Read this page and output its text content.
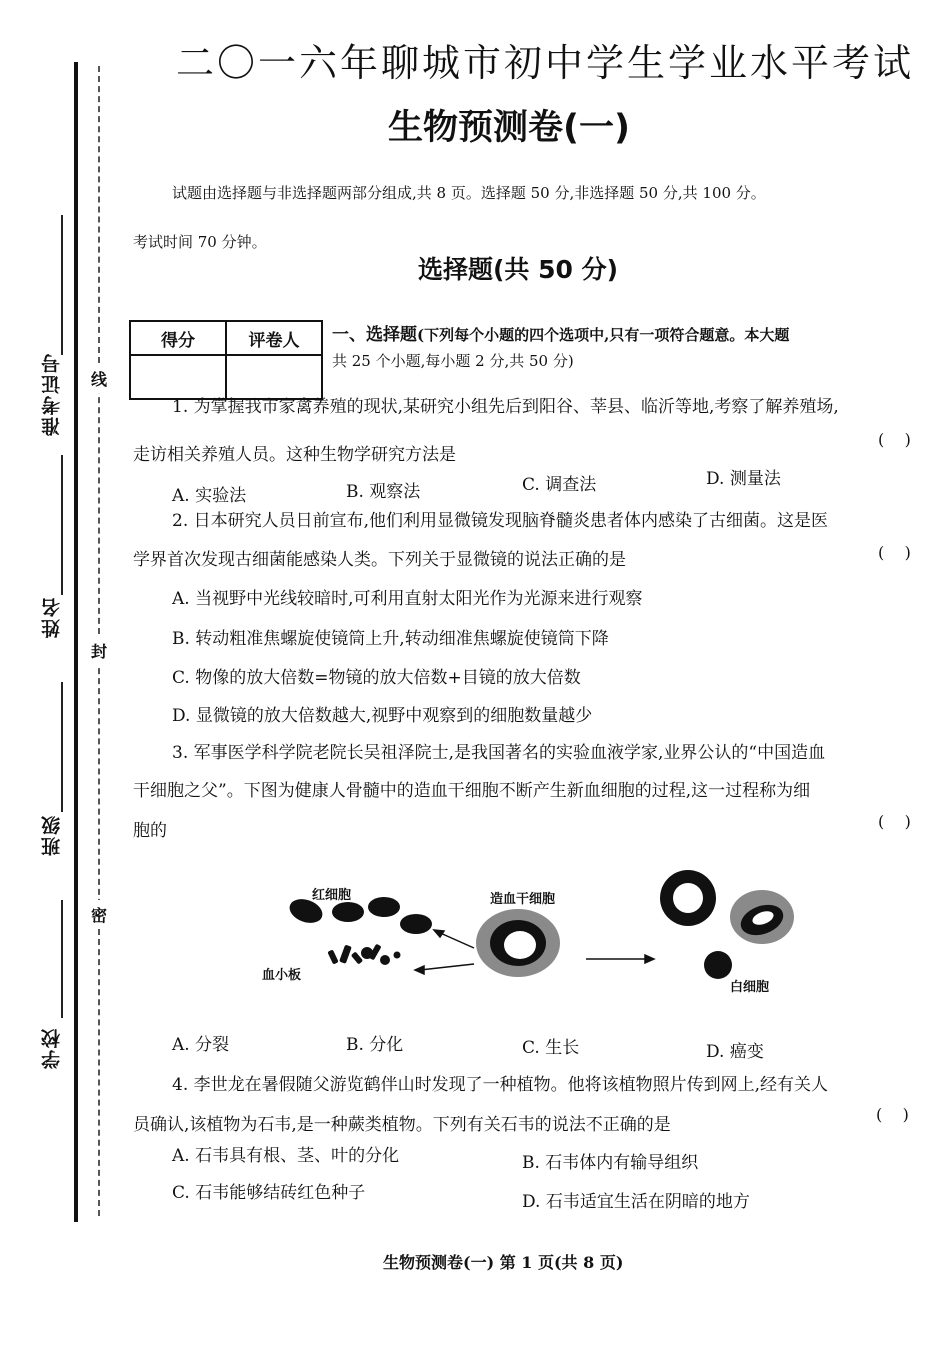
准考证号
姓名
班级
学校
线
封
密
二〇一六年聊城市初中学生学业水平考试
生物预测卷(一)
试题由选择题与非选择题两部分组成,共 8 页。选择题 50 分,非选择题 50 分,共 100 分。
考试时间 70 分钟。
选择题(共 50 分)
得分	评卷人
	一、选择题(下列每个小题的四个选项中,只有一项符合题意。本大题
共 25 个小题,每小题 2 分,共 50 分)
1. 为掌握我市家禽养殖的现状,某研究小组先后到阳谷、莘县、临沂等地,考察了解养殖场,
走访相关养殖人员。这种生物学研究方法是
(    )
A. 实验法	B. 观察法	C. 调查法	D. 测量法
2. 日本研究人员日前宣布,他们利用显微镜发现脑脊髓炎患者体内感染了古细菌。这是医
学界首次发现古细菌能感染人类。下列关于显微镜的说法正确的是	(    )
A. 当视野中光线较暗时,可利用直射太阳光作为光源来进行观察
B. 转动粗准焦螺旋使镜筒上升,转动细准焦螺旋使镜筒下降
C. 物像的放大倍数=物镜的放大倍数+目镜的放大倍数
D. 显微镜的放大倍数越大,视野中观察到的细胞数量越少
3. 军事医学科学院老院长吴祖泽院士,是我国著名的实验血液学家,业界公认的“中国造血
干细胞之父”。下图为健康人骨髓中的造血干细胞不断产生新血细胞的过程,这一过程称为细
胞的	(    )
红细胞	造血干细胞
血小板
白细胞
A. 分裂	B. 分化	C. 生长	D. 癌变
4. 李世龙在暑假随父游览鹤伴山时发现了一种植物。他将该植物照片传到网上,经有关人
员确认,该植物为石韦,是一种蕨类植物。下列有关石韦的说法不正确的是
(    )
A. 石韦具有根、茎、叶的分化	B. 石韦体内有输导组织
C. 石韦能够结砖红色种子	D. 石韦适宜生活在阴暗的地方
生物预测卷(一) 第 1 页(共 8 页)
